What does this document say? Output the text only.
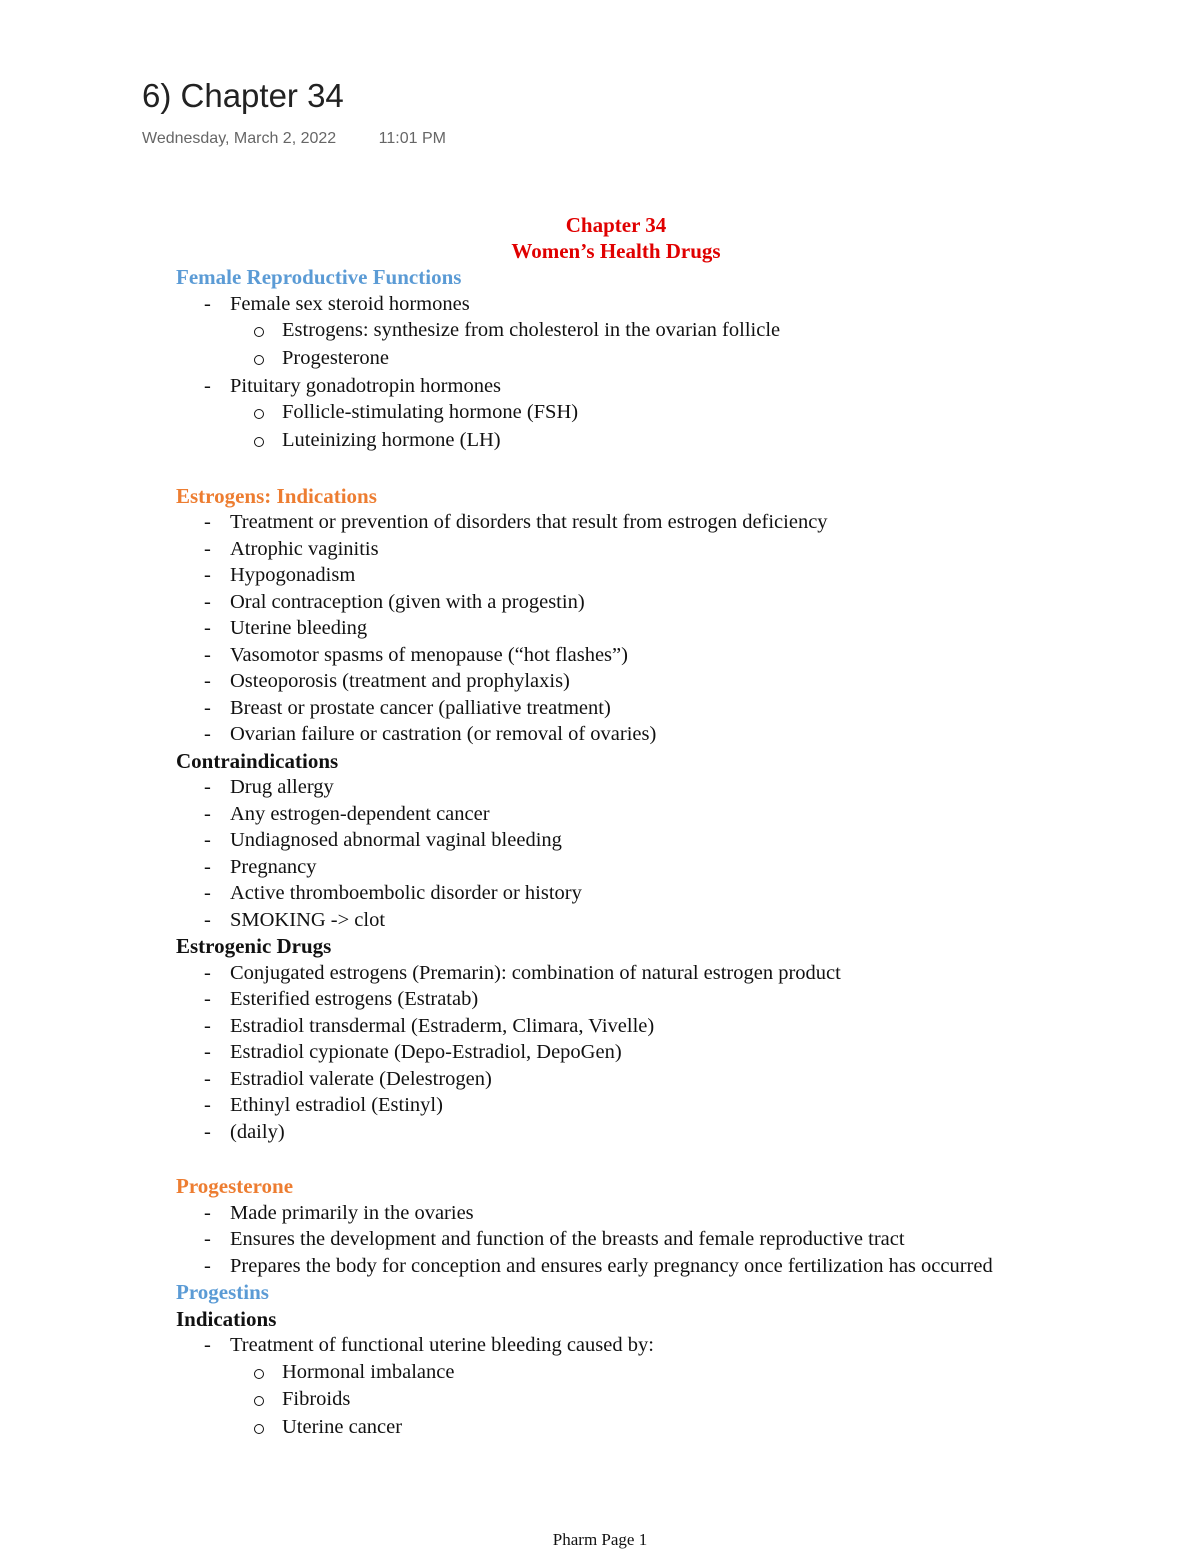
6) Chapter 34
Wednesday, March 2, 2022	11:01 PM
Chapter 34
Women’s Health Drugs
Female Reproductive Functions
- Female sex steroid hormones
Estrogens: synthesize from cholesterol in the ovarian follicle
Progesterone
- Pituitary gonadotropin hormones
Follicle-stimulating hormone (FSH)
Luteinizing hormone (LH)
Estrogens: Indications
- Treatment or prevention of disorders that result from estrogen deficiency
- Atrophic vaginitis
- Hypogonadism
- Oral contraception (given with a progestin)
- Uterine bleeding
- Vasomotor spasms of menopause (“hot flashes”)
- Osteoporosis (treatment and prophylaxis)
- Breast or prostate cancer (palliative treatment)
- Ovarian failure or castration (or removal of ovaries)
Contraindications
- Drug allergy
- Any estrogen-dependent cancer
- Undiagnosed abnormal vaginal bleeding
- Pregnancy
- Active thromboembolic disorder or history
- SMOKING -> clot
Estrogenic Drugs
- Conjugated estrogens (Premarin): combination of natural estrogen product
- Esterified estrogens (Estratab)
- Estradiol transdermal (Estraderm, Climara, Vivelle)
- Estradiol cypionate (Depo-Estradiol, DepoGen)
- Estradiol valerate (Delestrogen)
- Ethinyl estradiol (Estinyl)
- (daily)
Progesterone
- Made primarily in the ovaries
- Ensures the development and function of the breasts and female reproductive tract
- Prepares the body for conception and ensures early pregnancy once fertilization has occurred
Progestins
Indications
- Treatment of functional uterine bleeding caused by:
Hormonal imbalance
Fibroids
Uterine cancer
Pharm Page 1
